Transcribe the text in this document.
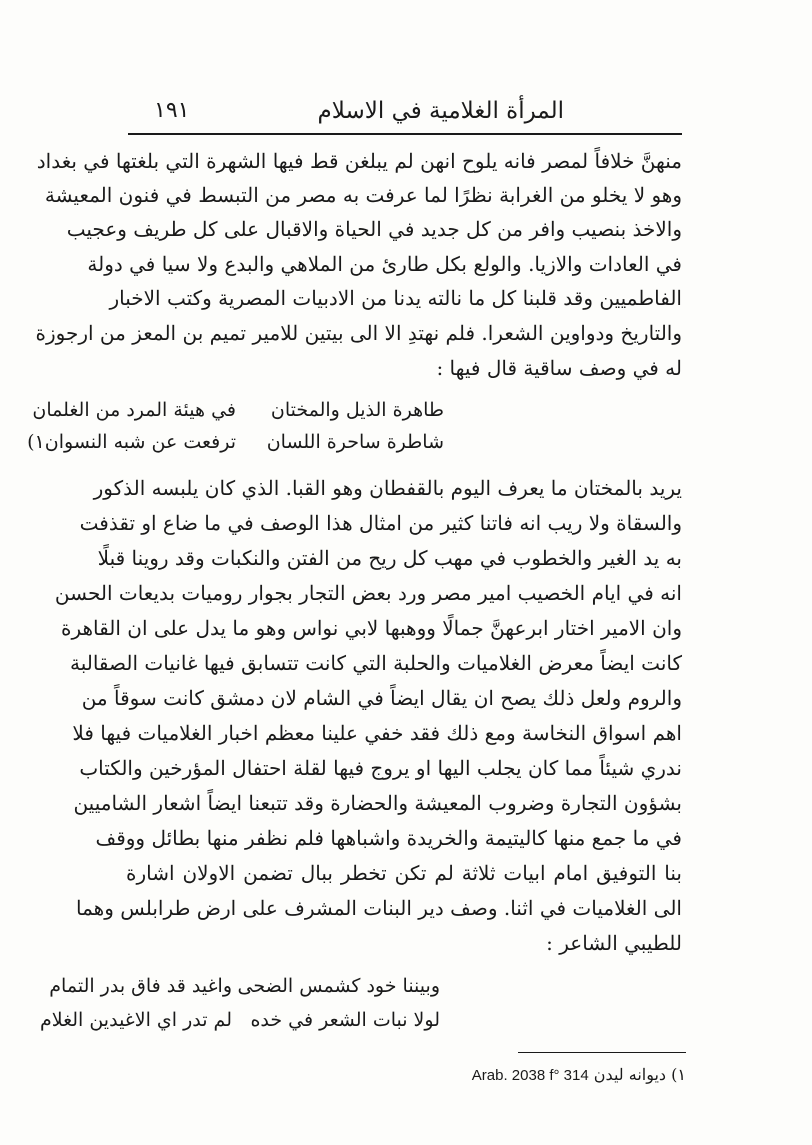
المرأة الغلامية في الاسلام
١٩١
منهنَّ خلافاً لمصر فانه يلوح انهن لم يبلغن قط فيها الشهرة التي بلغتها في بغداد
وهو لا يخلو من الغرابة نظرًا لما عرفت به مصر من التبسط في فنون المعيشة
والاخذ بنصيب وافر من كل جديد في الحياة والاقبال على كل طريف وعجيب
في العادات والازيا. والولع بكل طارئ من الملاهي والبدع ولا سيا في دولة
الفاطميين وقد قلبنا كل ما نالته يدنا من الادبيات المصرية وكتب الاخبار
والتاريخ ودواوين الشعرا. فلم نهتدِ الا الى بيتين للامير تميم بن المعز من ارجوزة
له في وصف ساقية قال فيها :
طاهرة الذيل والمختان
في هيئة المرد من الغلمان
شاطرة ساحرة اللسان
ترفعت عن شبه النسوان١)
يريد بالمختان ما يعرف اليوم بالقفطان وهو القبا. الذي كان يلبسه الذكور
والسقاة ولا ريب انه فاتنا كثير من امثال هذا الوصف في ما ضاع او تقذفت
به يد الغير والخطوب في مهب كل ريح من الفتن والنكبات وقد روينا قبلًا
انه في ايام الخصيب امير مصر ورد بعض التجار بجوار روميات بديعات الحسن
وان الامير اختار ابرعهنَّ جمالًا ووهبها لابي نواس وهو ما يدل على ان القاهرة
كانت ايضاً معرض الغلاميات والحلبة التي كانت تتسابق فيها غانيات الصقالبة
والروم ولعل ذلك يصح ان يقال ايضاً في الشام لان دمشق كانت سوقاً من
اهم اسواق النخاسة ومع ذلك فقد خفي علينا معظم اخبار الغلاميات فيها فلا
ندري شيئاً مما كان يجلب اليها او يروج فيها لقلة احتفال المؤرخين والكتاب
بشؤون التجارة وضروب المعيشة والحضارة وقد تتبعنا ايضاً اشعار الشاميين
في ما جمع منها كاليتيمة والخريدة واشباهها فلم نظفر منها بطائل ووقف
بنا التوفيق امام ابيات ثلاثة لم تكن تخطر ببال تضمن الاولان اشارة
الى الغلاميات في اثنا. وصف دير البنات المشرف على ارض طرابلس وهما
للطيبي الشاعر :
وبيننا خود كشمس الضحى
واغيد قد فاق بدر التمام
لولا نبات الشعر في خده
لم تدر اي الاغيدين الغلام
١) ديوانه ليدن Arab. 2038 f° 314
